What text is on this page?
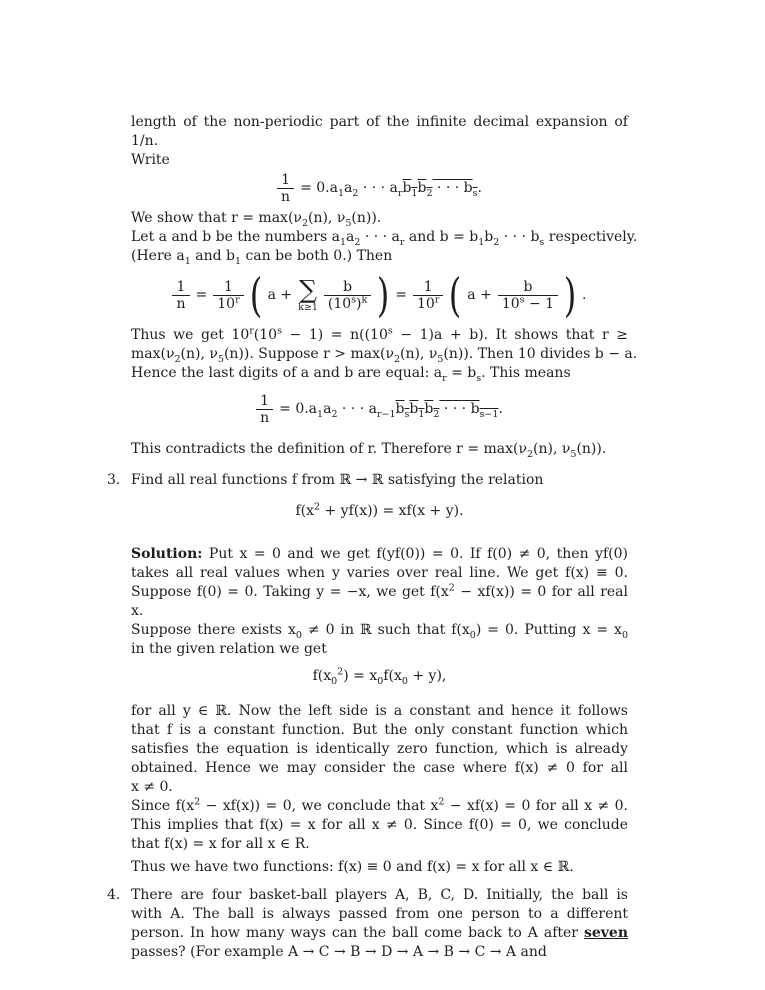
length of the non-periodic part of the infinite decimal expansion of
1/n.
Write
$\frac{1}{n} = 0.a_1a_2$ · · · $a_rb_1b_2$ · · · $b_s$.
We show that $r = \max(\nu_2(n)$, $\nu_5(n)$).
Let a and b be the numbers $a_1a_2$ · · · $a_r$ and $b = b_1b_2$ · · · $b_s$ respectively.
(Here $a_1$ and $b_1$ can be both 0.) Then
$\frac{1}{n} = \frac{1}{10^r}$ ( a + ∑
$k\ge 1 \frac{b}{(10^s)^k}$ ) = $\frac{1}{10^r}$ ( $a + \frac{b}{10^s - 1}$ ) .
Thus we get $10^r(10^s - 1) = n((10^s - 1)a + b)$. It shows that r ≥
$\max(\nu_2(n)$, $\nu_5(n)$). Suppose $r > \max(\nu_2(n)$, $\nu_5(n)$). Then 10 divides b − a.
Hence the last digits of a and b are equal: $a_r = b_s$. This means
$\frac{1}{n} = 0.a_1a_2$ · · · $a_{r-1}b_sb_1b_2$ · · · $b_{s-1}$.
This contradicts the definition of r. Therefore $r = \max(\nu_2(n)$, $\nu_5(n)$).
3. Find all real functions f from ℝ → ℝ satisfying the relation
$f(x^2 + yf(x)) = xf(x + y)$.
Solution: Put x = 0 and we get f(yf(0)) = 0. If f(0) ≠ 0, then yf(0)
takes all real values when y varies over real line. We get f(x) ≡ 0.
Suppose f(0) = 0. Taking y = −x, we get $f(x^2 - xf(x)) = 0$ for all real
x.
Suppose there exists $x_0 \ne 0$ in ℝ such that $f(x_0) = 0$. Putting $x = x_0$
in the given relation we get
$f(x_0^2) = x_0f(x_0 + y)$,
for all y ∈ ℝ. Now the left side is a constant and hence it follows
that f is a constant function. But the only constant function which
satisfies the equation is identically zero function, which is already
obtained. Hence we may consider the case where f(x) ≠ 0 for all
x ≠ 0.
Since $f(x^2 - xf(x)) = 0$, we conclude that $x^2 - xf(x) = 0$ for all x ≠ 0.
This implies that f(x) = x for all x ≠ 0. Since f(0) = 0, we conclude
that f(x) = x for all x ∈ R.
Thus we have two functions: f(x) ≡ 0 and f(x) = x for all x ∈ ℝ.
4. There are four basket-ball players A, B, C, D. Initially, the ball is
with A. The ball is always passed from one person to a different
person. In how many ways can the ball come back to A after seven
passes? (For example A → C → B → D → A → B → C → A and
